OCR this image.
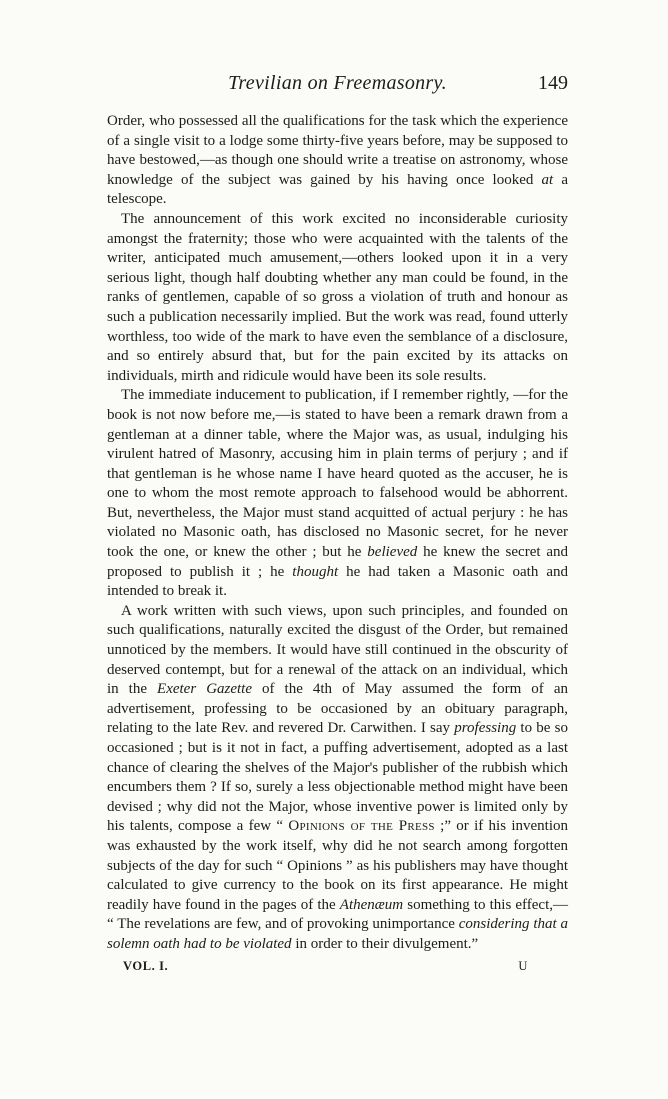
Trevilian on Freemasonry.	149

Order, who possessed all the qualifications for the task which the experience of a single visit to a lodge some thirty-five years before, may be supposed to have bestowed,—as though one should write a treatise on astronomy, whose knowledge of the subject was gained by his having once looked at a telescope.

The announcement of this work excited no inconsiderable curiosity amongst the fraternity; those who were acquainted with the talents of the writer, anticipated much amusement,—others looked upon it in a very serious light, though half doubting whether any man could be found, in the ranks of gentlemen, capable of so gross a violation of truth and honour as such a publication necessarily implied. But the work was read, found utterly worthless, too wide of the mark to have even the semblance of a disclosure, and so entirely absurd that, but for the pain excited by its attacks on individuals, mirth and ridicule would have been its sole results.

The immediate inducement to publication, if I remember rightly, —for the book is not now before me,—is stated to have been a remark drawn from a gentleman at a dinner table, where the Major was, as usual, indulging his virulent hatred of Masonry, accusing him in plain terms of perjury ; and if that gentleman is he whose name I have heard quoted as the accuser, he is one to whom the most remote approach to falsehood would be abhorrent. But, nevertheless, the Major must stand acquitted of actual perjury : he has violated no Masonic oath, has disclosed no Masonic secret, for he never took the one, or knew the other ; but he believed he knew the secret and proposed to publish it ; he thought he had taken a Masonic oath and intended to break it.

A work written with such views, upon such principles, and founded on such qualifications, naturally excited the disgust of the Order, but remained unnoticed by the members. It would have still continued in the obscurity of deserved contempt, but for a renewal of the attack on an individual, which in the Exeter Gazette of the 4th of May assumed the form of an advertisement, professing to be occasioned by an obituary paragraph, relating to the late Rev. and revered Dr. Carwithen. I say professing to be so occasioned ; but is it not in fact, a puffing advertisement, adopted as a last chance of clearing the shelves of the Major's publisher of the rubbish which encumbers them ? If so, surely a less objectionable method might have been devised ; why did not the Major, whose inventive power is limited only by his talents, compose a few “ Opinions of the Press ;” or if his invention was exhausted by the work itself, why did he not search among forgotten subjects of the day for such “ Opinions ” as his publishers may have thought calculated to give currency to the book on its first appearance. He might readily have found in the pages of the Athenæum something to this effect,— “ The revelations are few, and of provoking unimportance considering that a solemn oath had to be violated in order to their divulgement.”

VOL. I.	U
